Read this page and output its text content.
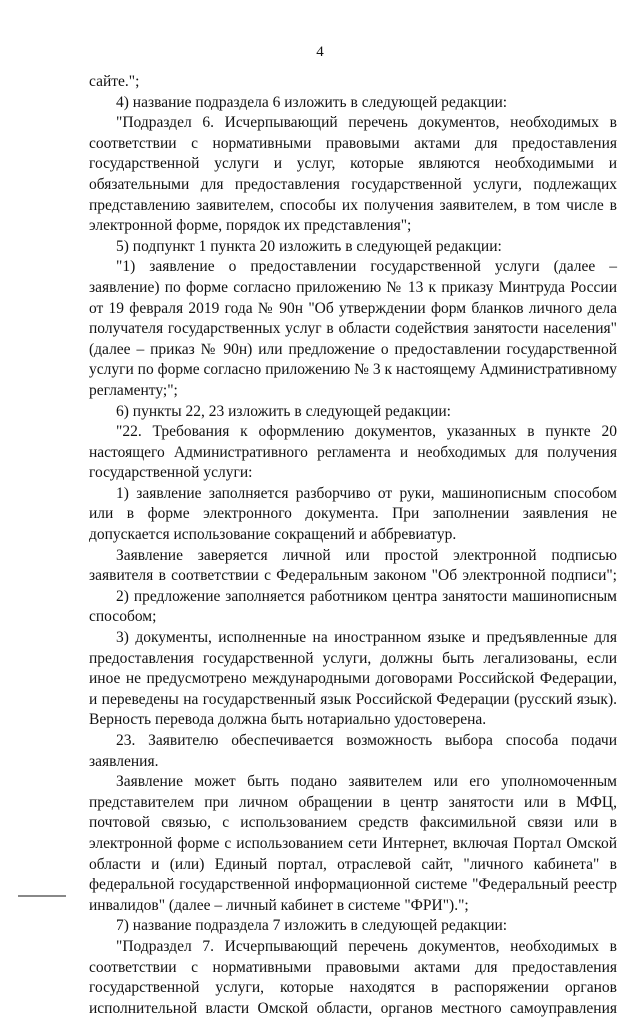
4
сайте.";
4) название подраздела 6 изложить в следующей редакции:
"Подраздел 6. Исчерпывающий перечень документов, необходимых в
соответствии с нормативными правовыми актами для предоставления
государственной услуги и услуг, которые являются необходимыми и
обязательными для предоставления государственной услуги, подлежащих
представлению заявителем, способы их получения заявителем, в том числе в
электронной форме, порядок их представления";
5) подпункт 1 пункта 20 изложить в следующей редакции:
"1) заявление о предоставлении государственной услуги (далее –
заявление) по форме согласно приложению № 13 к приказу Минтруда России
от 19 февраля 2019 года № 90н "Об утверждении форм бланков личного дела
получателя государственных услуг в области содействия занятости населения"
(далее – приказ № 90н) или предложение о предоставлении государственной
услуги по форме согласно приложению № 3 к настоящему Административному
регламенту;";
6) пункты 22, 23 изложить в следующей редакции:
"22. Требования к оформлению документов, указанных в пункте 20
настоящего Административного регламента и необходимых для получения
государственной услуги:
1) заявление заполняется разборчиво от руки, машинописным способом
или в форме электронного документа. При заполнении заявления не
допускается использование сокращений и аббревиатур.
Заявление заверяется личной или простой электронной подписью
заявителя в соответствии с Федеральным законом "Об электронной подписи";
2) предложение заполняется работником центра занятости машинописным
способом;
3) документы, исполненные на иностранном языке и предъявленные для
предоставления государственной услуги, должны быть легализованы, если
иное не предусмотрено международными договорами Российской Федерации,
и переведены на государственный язык Российской Федерации (русский язык).
Верность перевода должна быть нотариально удостоверена.
23. Заявителю обеспечивается возможность выбора способа подачи
заявления.
Заявление может быть подано заявителем или его уполномоченным
представителем при личном обращении в центр занятости или в МФЦ,
почтовой связью, с использованием средств факсимильной связи или в
электронной форме с использованием сети Интернет, включая Портал Омской
области и (или) Единый портал, отраслевой сайт, "личного кабинета" в
федеральной государственной информационной системе "Федеральный реестр
инвалидов" (далее – личный кабинет в системе "ФРИ").";
7) название подраздела 7 изложить в следующей редакции:
"Подраздел 7. Исчерпывающий перечень документов, необходимых в
соответствии с нормативными правовыми актами для предоставления
государственной услуги, которые находятся в распоряжении органов
исполнительной власти Омской области, органов местного самоуправления
